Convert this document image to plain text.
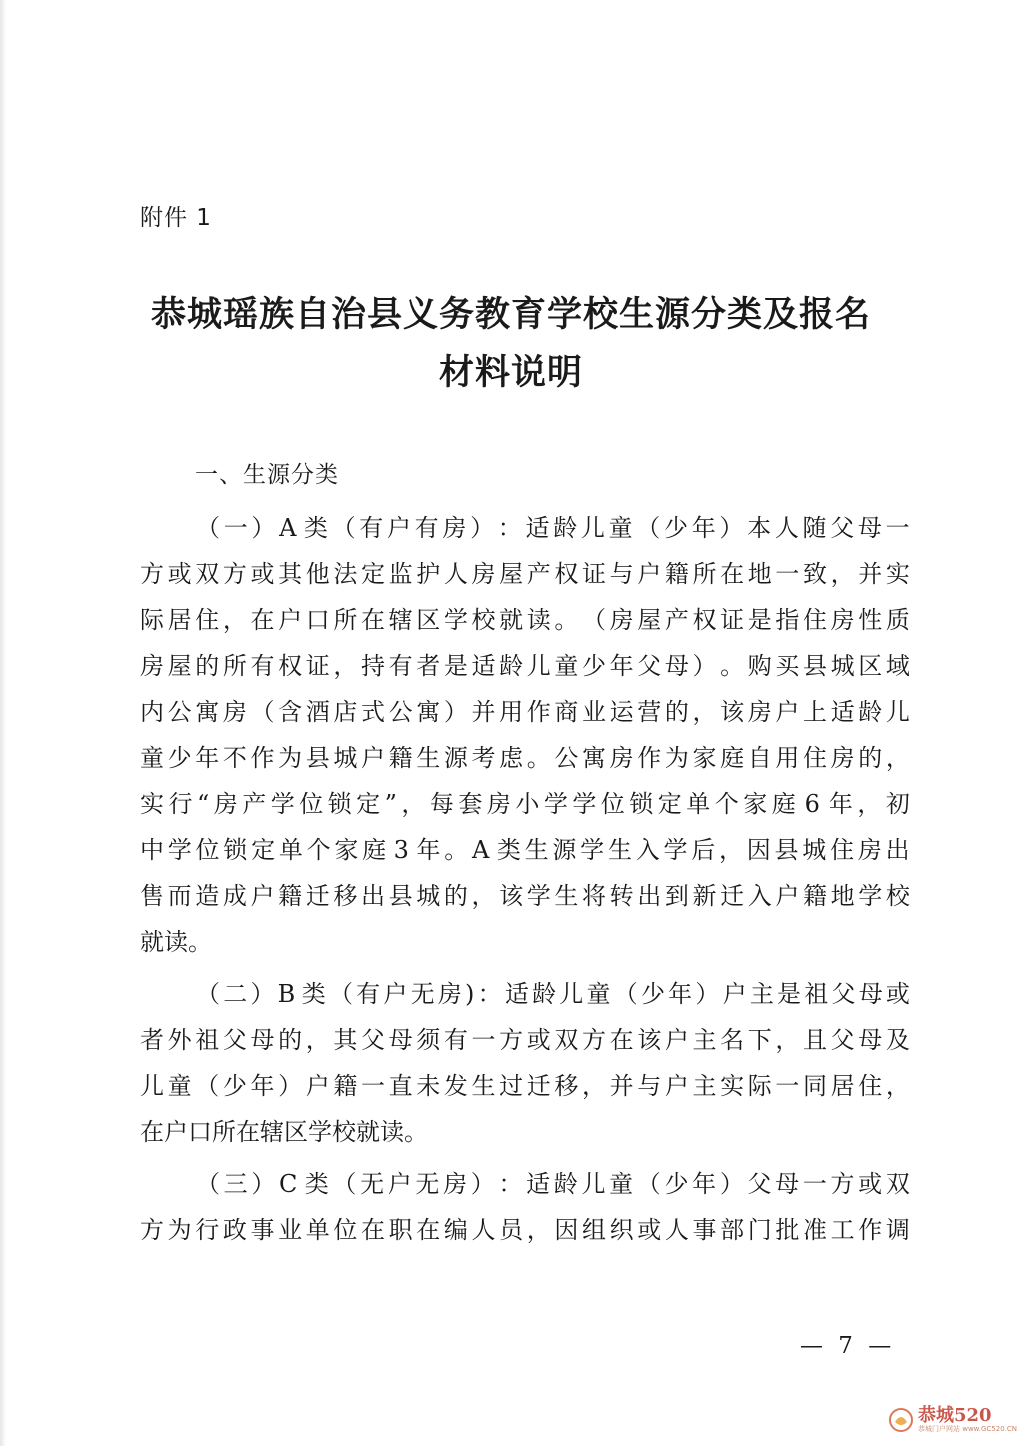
附件 1
恭城瑶族自治县义务教育学校生源分类及报名
材料说明
一、生源分类
（ 一 ） A 类 （ 有 户 有 房 ） ： 适 龄 儿 童 （ 少 年 ） 本 人 随 父 母 一
方 或 双 方 或 其 他 法 定 监 护 人 房 屋 产 权 证 与 户 籍 所 在 地 一 致 ， 并 实
际 居 住 ， 在 户 口 所 在 辖 区 学 校 就 读 。 （ 房 屋 产 权 证 是 指 住 房 性 质
房 屋 的 所 有 权 证 ， 持 有 者 是 适 龄 儿 童 少 年 父 母 ） 。 购 买 县 城 区 域
内 公 寓 房 （ 含 酒 店 式 公 寓 ） 并 用 作 商 业 运 营 的 ， 该 房 户 上 适 龄 儿
童 少 年 不 作 为 县 城 户 籍 生 源 考 虑 。 公 寓 房 作 为 家 庭 自 用 住 房 的 ，
实 行 “ 房 产 学 位 锁 定 ” ， 每 套 房 小 学 学 位 锁 定 单 个 家 庭 6 年 ， 初
中 学 位 锁 定 单 个 家 庭 3 年 。 A 类 生 源 学 生 入 学 后 ， 因 县 城 住 房 出
售 而 造 成 户 籍 迁 移 出 县 城 的 ， 该 学 生 将 转 出 到 新 迁 入 户 籍 地 学 校
就读。
（ 二 ） B 类 （ 有 户 无 房 ) ： 适 龄 儿 童 （ 少 年 ） 户 主 是 祖 父 母 或
者 外 祖 父 母 的 ， 其 父 母 须 有 一 方 或 双 方 在 该 户 主 名 下 ， 且 父 母 及
儿 童 （ 少 年 ） 户 籍 一 直 未 发 生 过 迁 移 ， 并 与 户 主 实 际 一 同 居 住 ，
在户口所在辖区学校就读。
（ 三 ） C 类 （ 无 户 无 房 ） ： 适 龄 儿 童 （ 少 年 ） 父 母 一 方 或 双
方 为 行 政 事 业 单 位 在 职 在 编 人 员 ， 因 组 织 或 人 事 部 门 批 准 工 作 调
— 7 —
恭城520
恭城门户网站 www.GC520.CN
